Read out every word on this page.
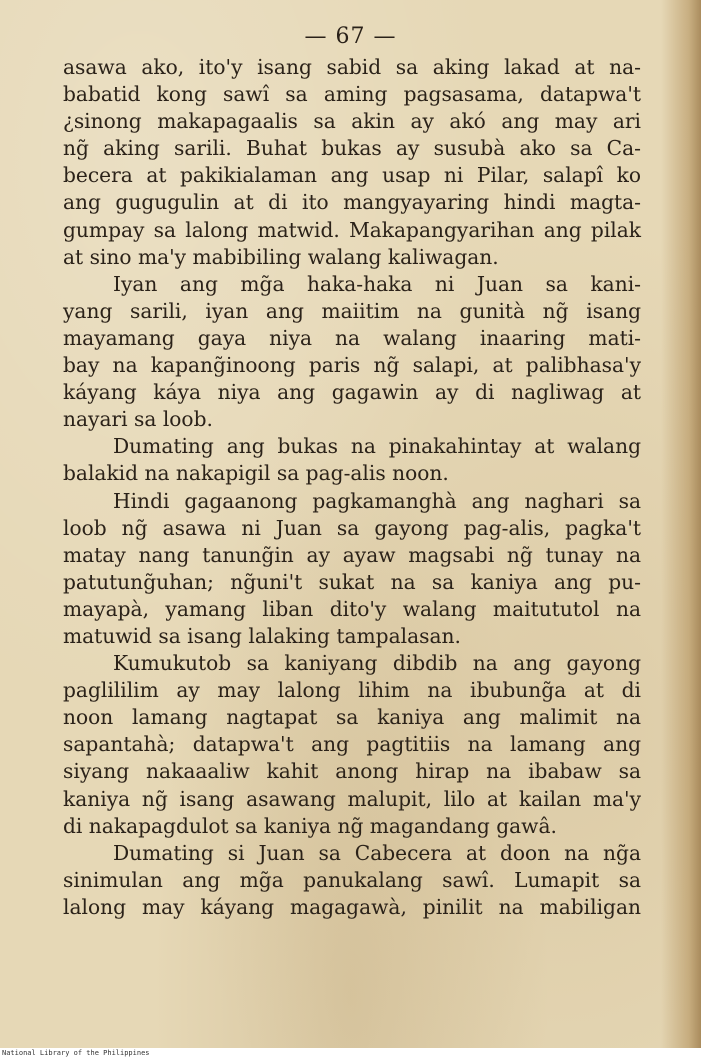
— 67 —
asawa ako, ito'y isang sabid sa aking lakad at na-
babatid kong sawî sa aming pagsasama, datapwa't
¿sinong makapagaalis sa akin ay akó ang may ari
ng̃ aking sarili. Buhat bukas ay susubà ako sa Ca-
becera at pakikialaman ang usap ni Pilar, salapî ko
ang gugugulin at di ito mangyayaring hindi magta-
gumpay sa lalong matwid. Makapangyarihan ang pilak
at sino ma'y mabibiling walang kaliwagan.
Iyan ang mg̃a haka-haka ni Juan sa kani-
yang sarili, iyan ang maiitim na gunità ng̃ isang
mayamang gaya niya na walang inaaring mati-
bay na kapang̃inoong paris ng̃ salapi, at palibhasa'y
káyang káya niya ang gagawin ay di nagliwag at
nayari sa loob.
Dumating ang bukas na pinakahintay at walang
balakid na nakapigil sa pag-alis noon.
Hindi gagaanong pagkamanghà ang naghari sa
loob ng̃ asawa ni Juan sa gayong pag-alis, pagka't
matay nang tanung̃in ay ayaw magsabi ng̃ tunay na
patutung̃uhan; ng̃uni't sukat na sa kaniya ang pu-
mayapà, yamang liban dito'y walang maitututol na
matuwid sa isang lalaking tampalasan.
Kumukutob sa kaniyang dibdib na ang gayong
paglililim ay may lalong lihim na ibubung̃a at di
noon lamang nagtapat sa kaniya ang malimit na
sapantahà; datapwa't ang pagtitiis na lamang ang
siyang nakaaaliw kahit anong hirap na ibabaw sa
kaniya ng̃ isang asawang malupit, lilo at kailan ma'y
di nakapagdulot sa kaniya ng̃ magandang gawâ.
Dumating si Juan sa Cabecera at doon na ng̃a
sinimulan ang mg̃a panukalang sawî. Lumapit sa
lalong may káyang magagawà, pinilit na mabiligan
National Library of the Philippines
